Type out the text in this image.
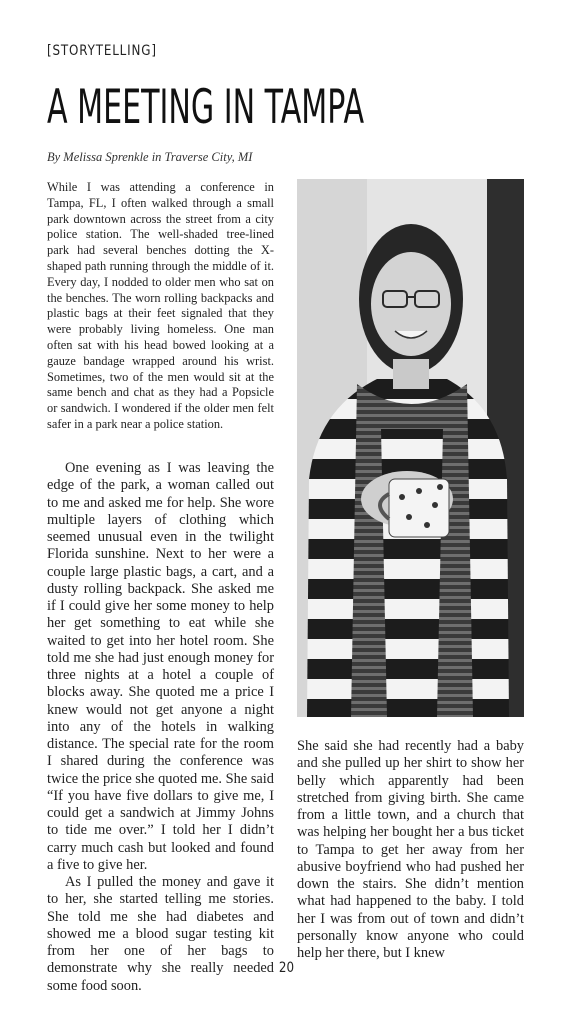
[STORYTELLING]
A MEETING IN TAMPA
By Melissa Sprenkle in Traverse City, MI

While I was attending a conference in Tampa, FL, I often walked through a small park downtown across the street from a city police station. The well-shaded tree-lined park had several benches dotting the X-shaped path running through the middle of it. Every day, I nodded to older men who sat on the benches. The worn rolling backpacks and plastic bags at their feet signaled that they were probably living homeless. One man often sat with his head bowed looking at a gauze bandage wrapped around his wrist. Sometimes, two of the men would sit at the same bench and chat as they had a Popsicle or sandwich. I wondered if the older men felt safer in a park near a police station.

One evening as I was leaving the edge of the park, a woman called out to me and asked me for help. She wore multiple layers of clothing which seemed unusual even in the twilight Florida sunshine. Next to her were a couple large plastic bags, a cart, and a dusty rolling backpack. She asked me if I could give her some money to help her get something to eat while she waited to get into her hotel room. She told me she had just enough money for three nights at a hotel a couple of blocks away. She quoted me a price I knew would not get anyone a night into any of the hotels in walking distance. The special rate for the room I shared during the conference was twice the price she quoted me. She said “If you have five dollars to give me, I could get a sandwich at Jimmy Johns to tide me over.” I told her I didn’t carry much cash but looked and found a five to give her.

As I pulled the money and gave it to her, she started telling me stories. She told me she had diabetes and showed me a blood sugar testing kit from her one of her bags to demonstrate why she really needed some food soon.

She said she had recently had a baby and she pulled up her shirt to show her belly which apparently had been stretched from giving birth. She came from a little town, and a church that was helping her bought her a bus ticket to Tampa to get her away from her abusive boyfriend who had pushed her down the stairs. She didn’t mention what had happened to the baby. I told her I was from out of town and didn’t personally know anyone who could help her there, but I knew

20
